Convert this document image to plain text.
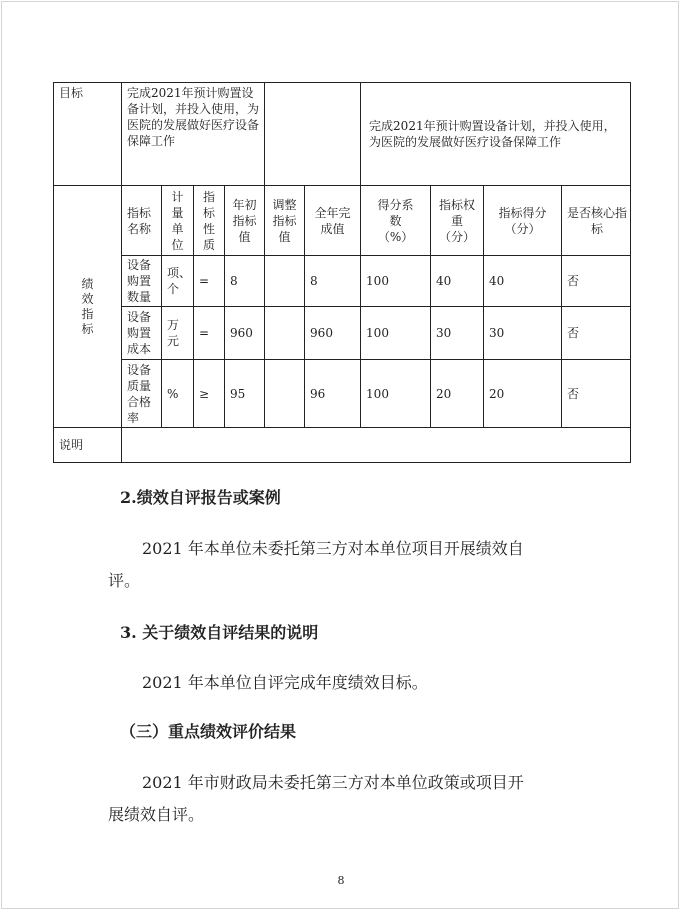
目标	完成2021年预计购置设备计划，并投入使用，为医院的发展做好医疗设备保障工作						完成2021年预计购置设备计划，并投入使用，为医院的发展做好医疗设备保障工作			
绩效指标	指标名称	计量单位	指标性质	年初指标值	调整指标值	全年完成值	得分系数（%）	指标权重（分）	指标得分（分）	是否核心指标
	设备购置数量	项、个	=	8		8	100	40	40	否
	设备购置成本	万元	=	960		960	100	30	30	否
	设备质量合格率	%	≥	95		96	100	20	20	否
说明										
2.绩效自评报告或案例
2021 年本单位未委托第三方对本单位项目开展绩效自
评。
3. 关于绩效自评结果的说明
2021 年本单位自评完成年度绩效目标。
（三）重点绩效评价结果
2021 年市财政局未委托第三方对本单位政策或项目开
展绩效自评。
8
